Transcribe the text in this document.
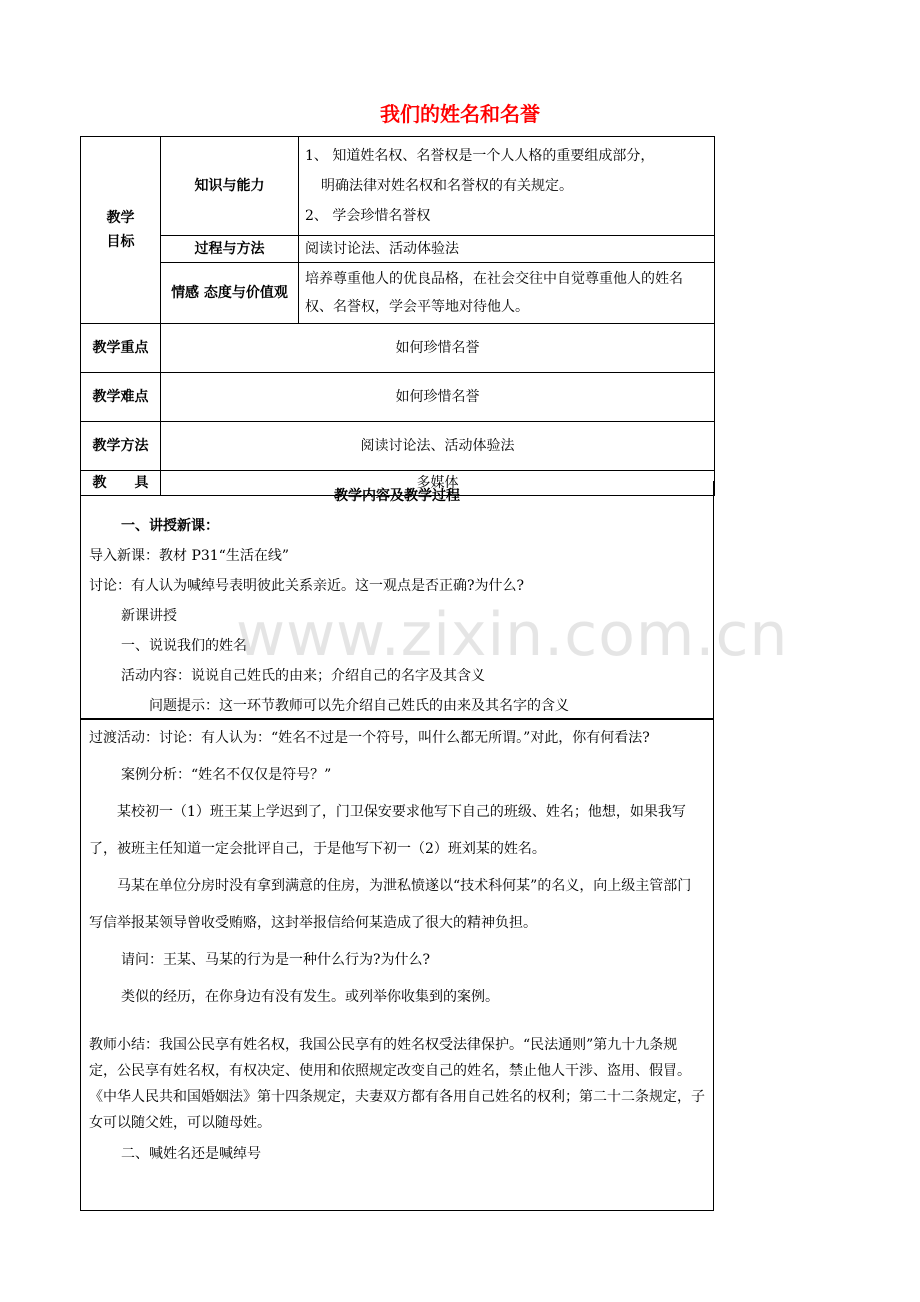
我们的姓名和名誉
教学目标	知识与能力	1、 知道姓名权、名誉权是一个人人格的重要组成部分，
明确法律对姓名权和名誉权的有关规定。
2、 学会珍惜名誉权

	过程与方法	阅读讨论法、活动体验法
	情感 态度与价值观	培养尊重他人的优良品格，在社会交往中自觉尊重他人的姓名权、名誉权，学会平等地对待他人。
教学重点	如何珍惜名誉	
教学难点	如何珍惜名誉	
教学方法	阅读讨论法、活动体验法	
教　　具	多媒体	

教学内容及教学过程

一、讲授新课：

导入新课：教材 P31“生活在线”

讨论：有人认为喊绰号表明彼此关系亲近。这一观点是否正确?为什么?

新课讲授

一、说说我们的姓名

活动内容：说说自己姓氏的由来；介绍自己的名字及其含义

问题提示：这一环节教师可以先介绍自己姓氏的由来及其名字的含义

过渡活动：讨论：有人认为：“姓名不过是一个符号，叫什么都无所谓。”对此，你有何看法?

案例分析：“姓名不仅仅是符号？”

某校初一（1）班王某上学迟到了，门卫保安要求他写下自己的班级、姓名；他想，如果我写了，被班主任知道一定会批评自己，于是他写下初一（2）班刘某的姓名。

马某在单位分房时没有拿到满意的住房，为泄私愤遂以“技术科何某”的名义，向上级主管部门写信举报某领导曾收受贿赂，这封举报信给何某造成了很大的精神负担。

请问：王某、马某的行为是一种什么行为?为什么?

类似的经历，在你身边有没有发生。或列举你收集到的案例。

教师小结：我国公民享有姓名权，我国公民享有的姓名权受法律保护。“民法通则”第九十九条规定，公民享有姓名权，有权决定、使用和依照规定改变自己的姓名，禁止他人干涉、盗用、假冒。《中华人民共和国婚姻法》第十四条规定，夫妻双方都有各用自己姓名的权利；第二十二条规定，子女可以随父姓，可以随母姓。

二、喊姓名还是喊绰号

www.zixin.com.cn
